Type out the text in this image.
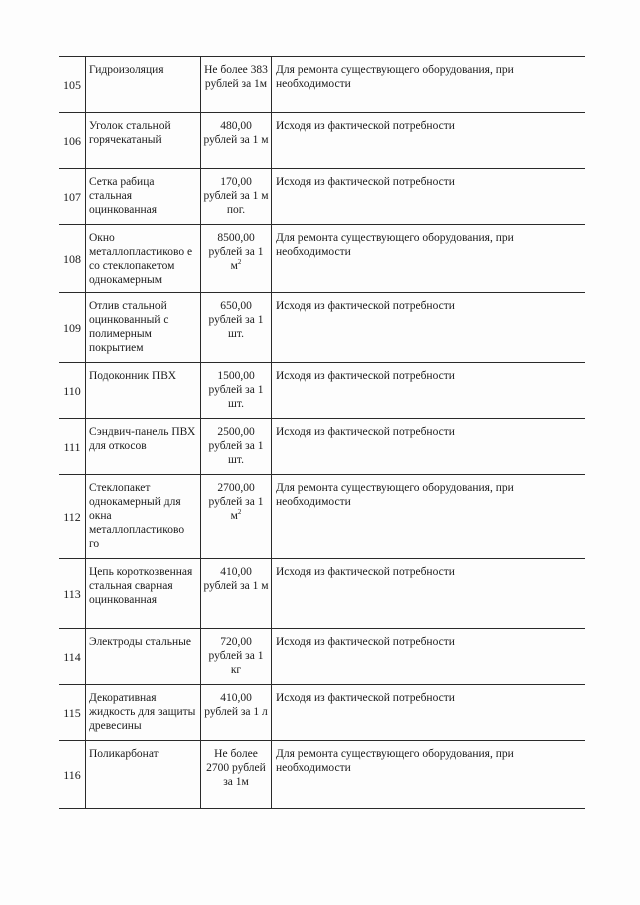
105	Гидроизоляция	Не более 383 рублей за 1м	Для ремонта существующего оборудования, при необходимости
106	Уголок стальной горячекатаный	480,00 рублей за 1 м	Исходя из фактической потребности
107	Сетка рабица стальная оцинкованная	170,00 рублей за 1 м пог.	Исходя из фактической потребности
108	Окно металлопластиково е со стеклопакетом однокамерным	8500,00 рублей за 1 $м^2$	Для ремонта существующего оборудования, при необходимости
109	Отлив стальной оцинкованный с полимерным покрытием	650,00 рублей за 1 шт.	Исходя из фактической потребности
110	Подоконник ПВХ	1500,00 рублей за 1 шт.	Исходя из фактической потребности
111	Сэндвич-панель ПВХ для откосов	2500,00 рублей за 1 шт.	Исходя из фактической потребности
112	Стеклопакет однокамерный для окна металлопластиково го	2700,00 рублей за 1 $м^2$	Для ремонта существующего оборудования, при необходимости
113	Цепь короткозвенная стальная сварная оцинкованная	410,00 рублей за 1 м	Исходя из фактической потребности
114	Электроды стальные	720,00 рублей за 1 кг	Исходя из фактической потребности
115	Декоративная жидкость для защиты древесины	410,00 рублей за 1 л	Исходя из фактической потребности
116	Поликарбонат	Не более 2700 рублей за 1м	Для ремонта существующего оборудования, при необходимости
